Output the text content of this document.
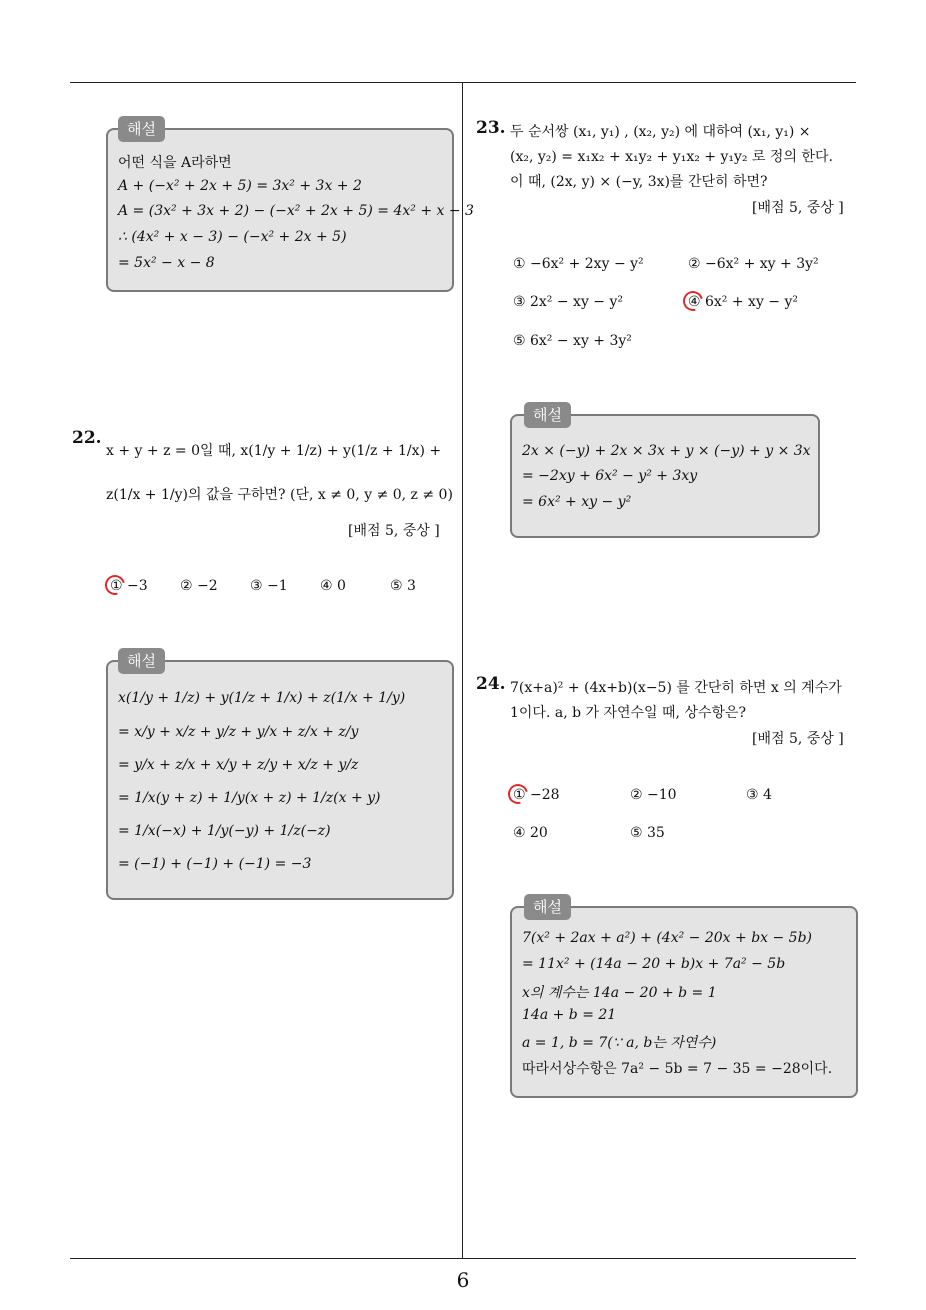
6
해설
어떤 식을 A라하면
A + (−x² + 2x + 5) = 3x² + 3x + 2
A = (3x² + 3x + 2) − (−x² + 2x + 5) = 4x² + x − 3
∴ (4x² + x − 3) − (−x² + 2x + 5)
= 5x² − x − 8
22.
x + y + z = 0일 때, x(1/y + 1/z) + y(1/z + 1/x) +
z(1/x + 1/y)의 값을 구하면? (단, x ≠ 0, y ≠ 0, z ≠ 0)
[배점 5, 중상 ]
① −3 ② −2 ③ −1 ④ 0	⑤ 3
해설
x(1/y + 1/z) + y(1/z + 1/x) + z(1/x + 1/y)
= x/y + x/z + y/z + y/x + z/x + z/y
= y/x + z/x + x/y + z/y + x/z + y/z
= 1/x(y + z) + 1/y(x + z) + 1/z(x + y)
= 1/x(−x) + 1/y(−y) + 1/z(−z)
= (−1) + (−1) + (−1) = −3
23. 두 순서쌍 (x₁, y₁) , (x₂, y₂) 에 대하여 (x₁, y₁) ×
(x₂, y₂) = x₁x₂ + x₁y₂ + y₁x₂ + y₁y₂ 로 정의 한다.
이 때, (2x, y) × (−y, 3x)를 간단히 하면?
[배점 5, 중상 ]
① −6x² + 2xy − y²	② −6x² + xy + 3y²
③ 2x² − xy − y²	④ 6x² + xy − y²
⑤ 6x² − xy + 3y²
해설
2x × (−y) + 2x × 3x + y × (−y) + y × 3x
= −2xy + 6x² − y² + 3xy
= 6x² + xy − y²
24. 7(x+a)² + (4x+b)(x−5) 를 간단히 하면 x 의 계수가
1이다. a, b 가 자연수일 때, 상수항은?
[배점 5, 중상 ]
① −28	② −10	③ 4
④ 20	⑤ 35
해설
7(x² + 2ax + a²) + (4x² − 20x + bx − 5b)
= 11x² + (14a − 20 + b)x + 7a² − 5b
x의 계수는 14a − 20 + b = 1
14a + b = 21
a = 1, b = 7(∵ a, b는 자연수)
따라서상수항은 7a² − 5b = 7 − 35 = −28이다.
